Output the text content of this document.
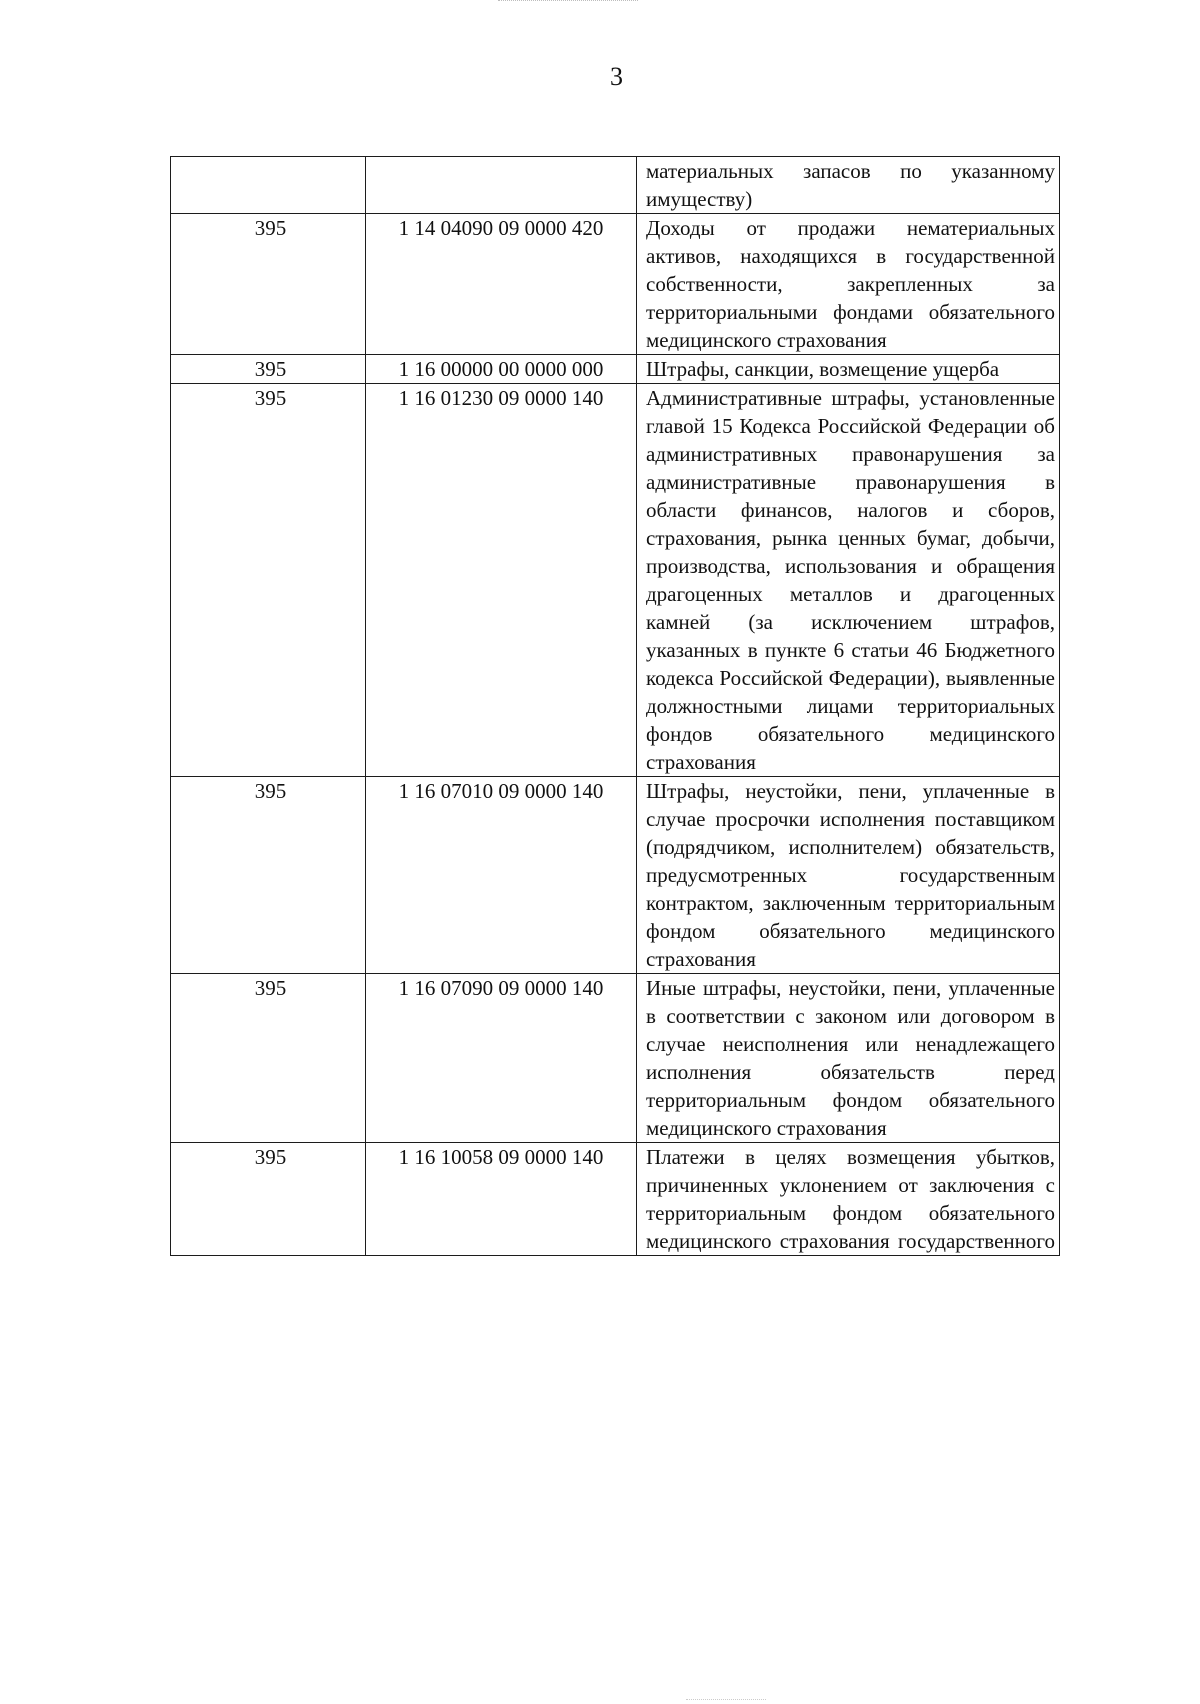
3
		материальных запасов по указанному имуществу)
395	1 14 04090 09 0000 420	Доходы от продажи нематериальных активов, находящихся в государственной собственности, закрепленных за территориальными фондами обязательного медицинского страхования
395	1 16 00000 00 0000 000	Штрафы, санкции, возмещение ущерба
395	1 16 01230 09 0000 140	Административные штрафы, установленные главой 15 Кодекса Российской Федерации об административных правонарушения за административные правонарушения в области финансов, налогов и сборов, страхования, рынка ценных бумаг, добычи, производства, использования и обращения драгоценных металлов и драгоценных камней (за исключением штрафов, указанных в пункте 6 статьи 46 Бюджетного кодекса Российской Федерации), выявленные должностными лицами территориальных фондов обязательного медицинского страхования
395	1 16 07010 09 0000 140	Штрафы, неустойки, пени, уплаченные в случае просрочки исполнения поставщиком (подрядчиком, исполнителем) обязательств, предусмотренных государственным контрактом, заключенным территориальным фондом обязательного медицинского страхования
395	1 16 07090 09 0000 140	Иные штрафы, неустойки, пени, уплаченные в соответствии с законом или договором в случае неисполнения или ненадлежащего исполнения обязательств перед территориальным фондом обязательного медицинского страхования
395	1 16 10058 09 0000 140	Платежи в целях возмещения убытков, причиненных уклонением от заключения с территориальным фондом обязательного медицинского страхования государственного
